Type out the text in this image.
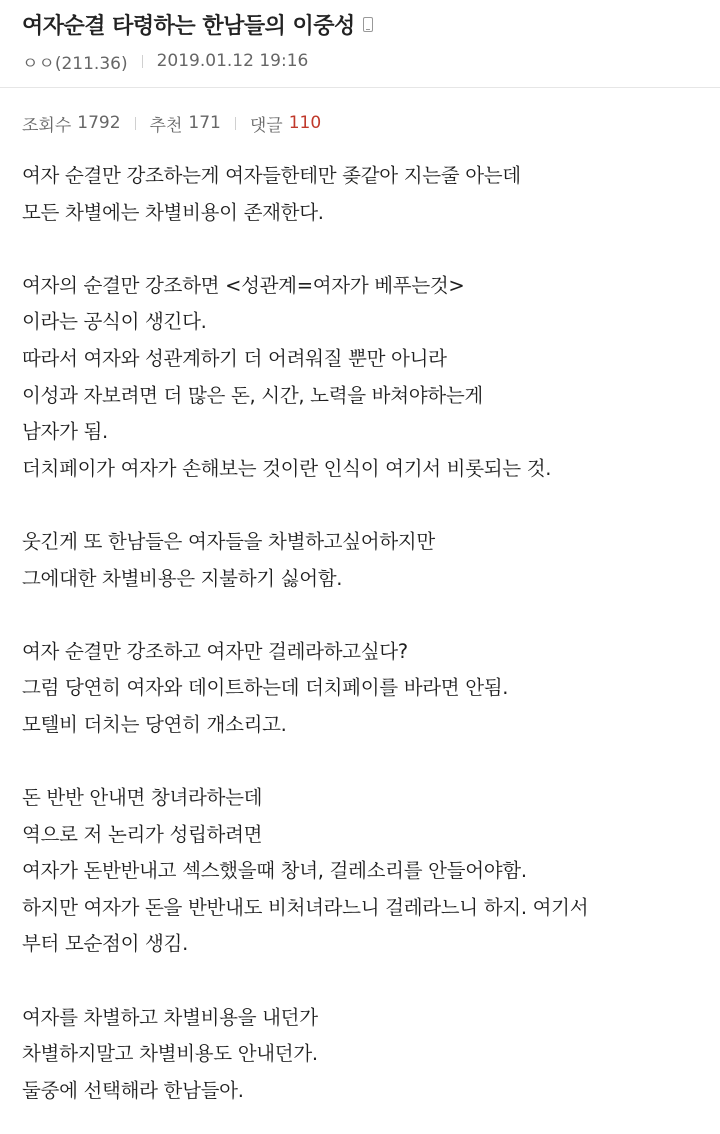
여자순결 타령하는 한남들의 이중성
ㅇㅇ(211.36) 2019.01.12 19:16
조회수 1792 추천 171 댓글 110
여자 순결만 강조하는게 여자들한테만 좆같아 지는줄 아는데
모든 차별에는 차별비용이 존재한다.
여자의 순결만 강조하면 <성관계=여자가 베푸는것>
이라는 공식이 생긴다.
따라서 여자와 성관계하기 더 어려워질 뿐만 아니라
이성과 자보려면 더 많은 돈, 시간, 노력을 바쳐야하는게
남자가 됨.
더치페이가 여자가 손해보는 것이란 인식이 여기서 비롯되는 것.
웃긴게 또 한남들은 여자들을 차별하고싶어하지만
그에대한 차별비용은 지불하기 싫어함.
여자 순결만 강조하고 여자만 걸레라하고싶다?
그럼 당연히 여자와 데이트하는데 더치페이를 바라면 안됨.
모텔비 더치는 당연히 개소리고.
돈 반반 안내면 창녀라하는데
역으로 저 논리가 성립하려면
여자가 돈반반내고 섹스했을때 창녀, 걸레소리를 안들어야함.
하지만 여자가 돈을 반반내도 비처녀라느니 걸레라느니 하지. 여기서
부터 모순점이 생김.
여자를 차별하고 차별비용을 내던가
차별하지말고 차별비용도 안내던가.
둘중에 선택해라 한남들아.
